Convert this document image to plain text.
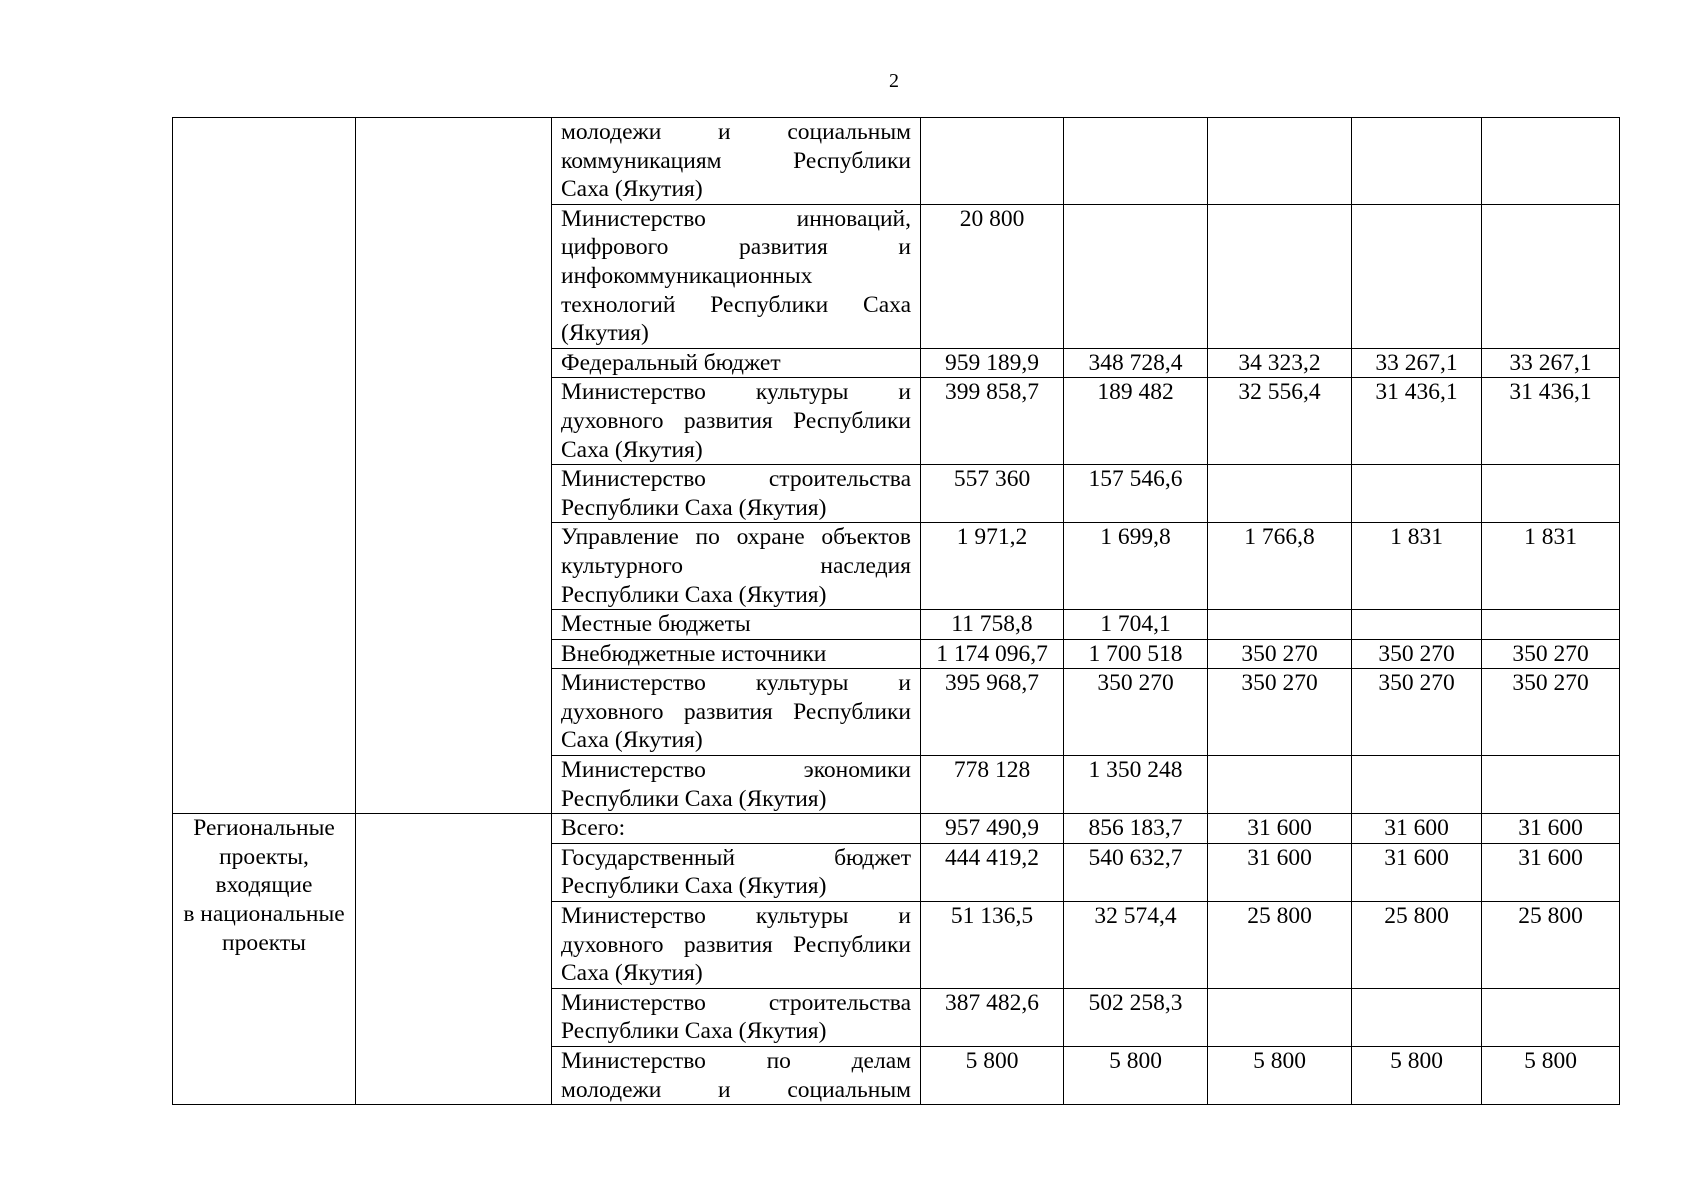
2

		молодежи и социальным
коммуникациям Республики
Саха (Якутия)					

		Министерство инноваций,
цифрового развития и
инфокоммуникационных
технологий Республики Саха
(Якутия)	20 800				

		Федеральный бюджет	959 189,9	348 728,4	34 323,2	33 267,1	33 267,1

		Министерство культуры и
духовного развития Республики
Саха (Якутия)	399 858,7	189 482	32 556,4	31 436,1	31 436,1

		Министерство строительства
Республики Саха (Якутия)	557 360	157 546,6			

		Управление по охране объектов
культурного наследия
Республики Саха (Якутия)	1 971,2	1 699,8	1 766,8	1 831	1 831

		Местные бюджеты	11 758,8	1 704,1			

		Внебюджетные источники	1 174 096,7	1 700 518	350 270	350 270	350 270

		Министерство культуры и
духовного развития Республики
Саха (Якутия)	395 968,7	350 270	350 270	350 270	350 270

		Министерство экономики
Республики Саха (Якутия)	778 128	1 350 248			

Региональные
проекты,
входящие
в национальные
проекты		Всего:	957 490,9	856 183,7	31 600	31 600	31 600

		Государственный бюджет
Республики Саха (Якутия)	444 419,2	540 632,7	31 600	31 600	31 600

		Министерство культуры и
духовного развития Республики
Саха (Якутия)	51 136,5	32 574,4	25 800	25 800	25 800

		Министерство строительства
Республики Саха (Якутия)	387 482,6	502 258,3			

		Министерство по делам
молодежи и социальным	5 800	5 800	5 800	5 800	5 800
